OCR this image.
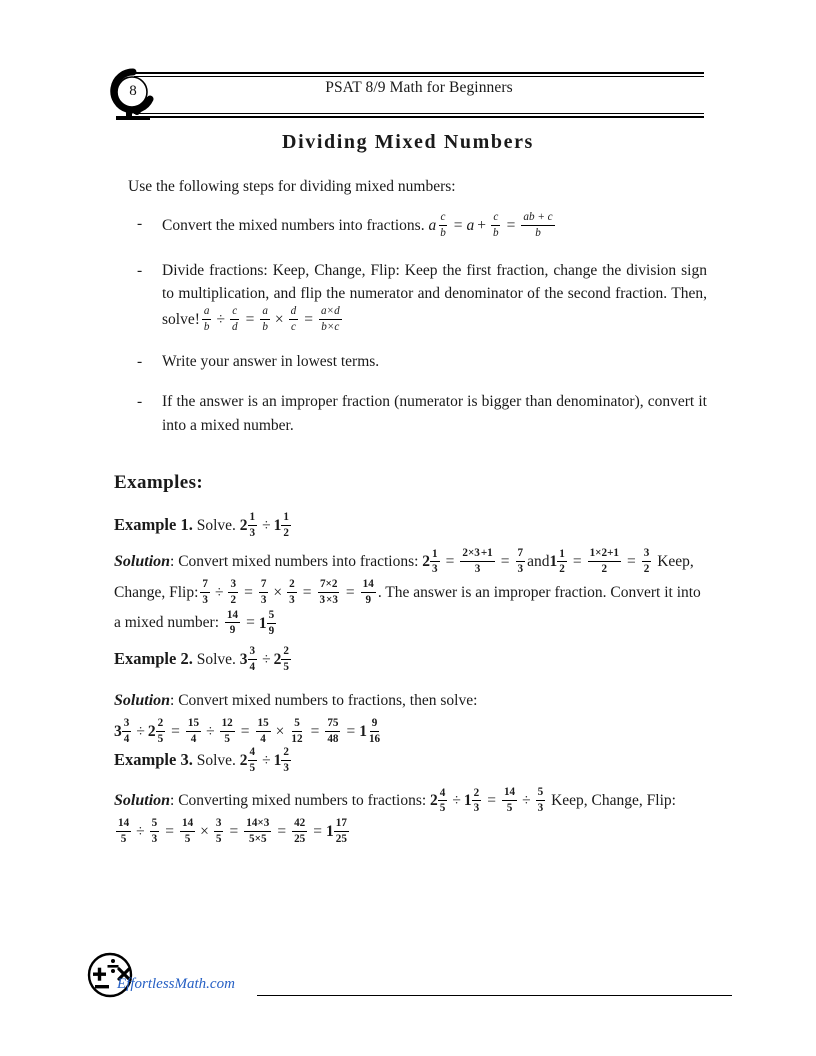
PSAT 8/9 Math for Beginners
8
Dividing Mixed Numbers
Use the following steps for dividing mixed numbers:
- Convert the mixed numbers into fractions. a $\frac{c}{b} = a + \frac{c}{b} = \frac{ab + c}{b}$
- Divide fractions: Keep, Change, Flip: Keep the first fraction, change the division sign to multiplication, and flip the numerator and denominator of the second fraction. Then, solve! $\frac{a}{b} \div \frac{c}{d} = \frac{a}{b} \times \frac{d}{c} = \frac{a\times d}{b\times c}$
- Write your answer in lowest terms.
- If the answer is an improper fraction (numerator is bigger than denominator), convert it into a mixed number.
Examples:
Example 1. Solve. $2 \frac{1}{3} \div 1 \frac{1}{2}$
Solution: Convert mixed numbers into fractions: $2 \frac{1}{3} = \frac{2\times 3 +1}{3} = \frac{7}{3} and1 \frac{1}{2} = \frac{1\times 2+1}{2} = \frac{3}{2}$ Keep, Change, Flip: $\frac{7}{3} \div \frac{3}{2} = \frac{7}{3} \times \frac{2}{3} = \frac{7\times 2}{3 \times 3} = \frac{14}{9}$ . The answer is an improper fraction. Convert it into a mixed number: $\frac{14}{9} = 1 \frac{5}{9}$
Example 2. Solve. $3 \frac{3}{4} \div 2 \frac{2}{5}$
Solution: Convert mixed numbers to fractions, then solve:
$3 \frac{3}{4} \div 2 \frac{2}{5} = \frac{15}{4} \div \frac{12}{5} = \frac{15}{4} \times \frac{5}{12} = \frac{75}{48} = 1 \frac{9}{16}$
Example 3. Solve. $2 \frac{4}{5} \div 1 \frac{2}{3}$
Solution: Converting mixed numbers to fractions: $2 \frac{4}{5} \div 1 \frac{2}{3} = \frac{14}{5} \div \frac{5}{3}$ Keep, Change, Flip:
$\frac{14}{5} \div \frac{5}{3} = \frac{14}{5} \times \frac{3}{5} = \frac{14\times 3}{5\times 5} = \frac{42}{25} = 1 \frac{17}{25}$
EffortlessMath.com
